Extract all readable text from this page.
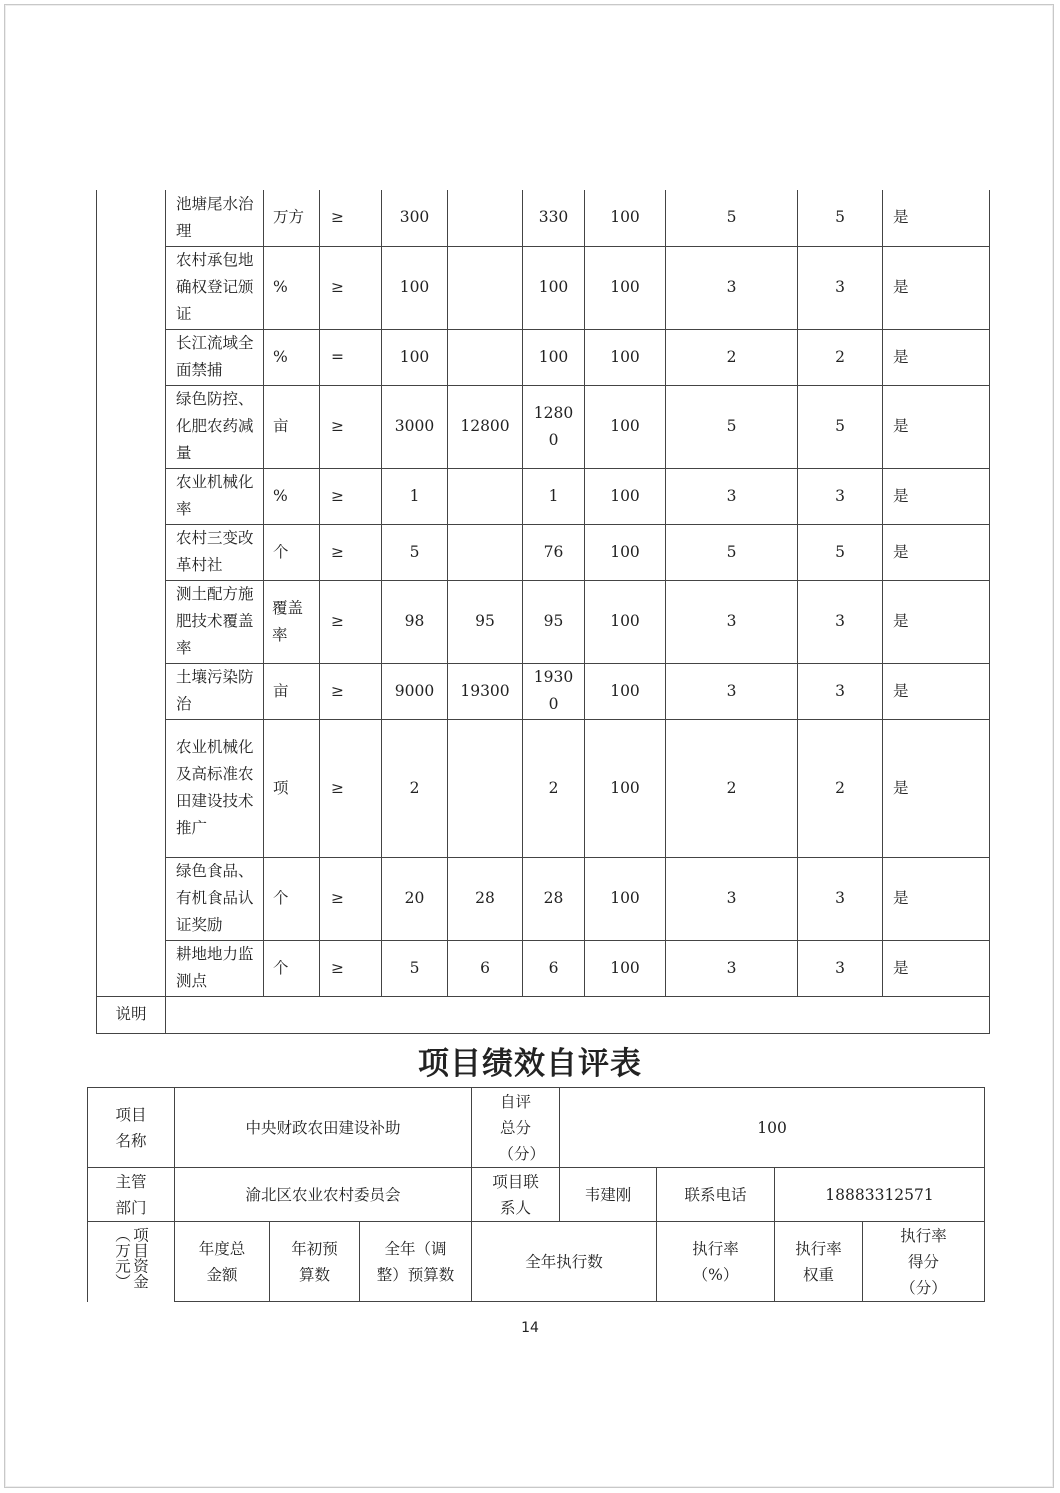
	池塘尾水治理	万方	≥	300		330	100	5	5	是
	农村承包地确权登记颁证	%	≥	100		100	100	3	3	是
	长江流域全面禁捕	%	=	100		100	100	2	2	是
	绿色防控、化肥农药减量	亩	≥	3000	12800	12800	100	5	5	是
	农业机械化率	%	≥	1		1	100	3	3	是
	农村三变改革村社	个	≥	5		76	100	5	5	是
	测土配方施肥技术覆盖率	覆盖率	≥	98	95	95	100	3	3	是
	土壤污染防治	亩	≥	9000	19300	19300	100	3	3	是
	农业机械化及高标准农田建设技术推广	项	≥	2		2	100	2	2	是
	绿色食品、有机食品认证奖励	个	≥	20	28	28	100	3	3	是
	耕地地力监测点	个	≥	5	6	6	100	3	3	是
说明										
项目绩效自评表
项目名称	中央财政农田建设补助			自评总分（分）	100			
主管部门	渝北区农业农村委员会			项目联系人	韦建刚	联系电话	18883312571	
项目资金（万元）	年度总金额	年初预算数	全年（调整）预算数	全年执行数		执行率（%）	执行率权重	执行率得分（分）
14
